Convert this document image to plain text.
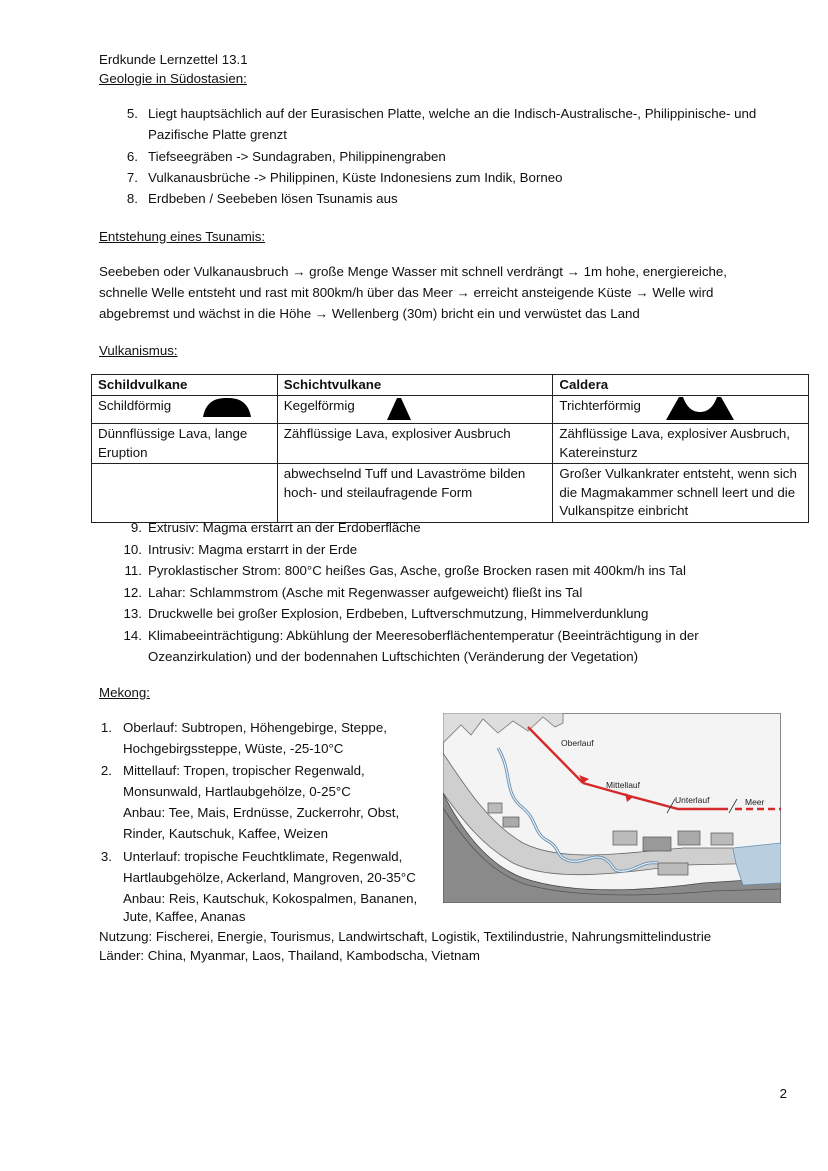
Erdkunde Lernzettel 13.1
Geologie in Südostasien:
5. Liegt hauptsächlich auf der Eurasischen Platte, welche an die Indisch-Australische-, Philippinische- und
Pazifische Platte grenzt
6. Tiefseegräben -> Sundagraben, Philippinengraben
7. Vulkanausbrüche -> Philippinen, Küste Indonesiens zum Indik, Borneo
8. Erdbeben / Seebeben lösen Tsunamis aus
Entstehung eines Tsunamis:
Seebeben oder Vulkanausbruch → große Menge Wasser mit schnell verdrängt → 1m hohe, energiereiche,
schnelle Welle entsteht und rast mit 800km/h über das Meer → erreicht ansteigende Küste → Welle wird
abgebremst und wächst in die Höhe → Wellenberg (30m) bricht ein und verwüstet das Land
Vulkanismus:
Schildvulkane	Schichtvulkane	Caldera
Schildförmig	Kegelförmig	Trichterförmig

Dünnflüssige Lava, lange Eruption	Zähflüssige Lava, explosiver Ausbruch	Zähflüssige Lava, explosiver Ausbruch, Katereinsturz
	abwechselnd Tuff und Lavaströme bilden hoch- und steilaufragende Form	Großer Vulkankrater entsteht, wenn sich die Magmakammer schnell leert und die Vulkanspitze einbricht
9. Extrusiv: Magma erstarrt an der Erdoberfläche
10. Intrusiv: Magma erstarrt in der Erde
11. Pyroklastischer Strom: 800°C heißes Gas, Asche, große Brocken rasen mit 400km/h ins Tal
12. Lahar: Schlammstrom (Asche mit Regenwasser aufgeweicht) fließt ins Tal
13. Druckwelle bei großer Explosion, Erdbeben, Luftverschmutzung, Himmelverdunklung
14. Klimabeeinträchtigung: Abkühlung der Meeresoberflächentemperatur (Beeinträchtigung in der
Ozeanzirkulation) und der bodennahen Luftschichten (Veränderung der Vegetation)
Mekong:
1. Oberlauf: Subtropen, Höhengebirge, Steppe,
Hochgebirgssteppe, Wüste, -25-10°C
2. Mittellauf: Tropen, tropischer Regenwald,
Monsunwald, Hartlaubgehölze, 0-25°C
Anbau: Tee, Mais, Erdnüsse, Zuckerrohr, Obst,
Rinder, Kautschuk, Kaffee, Weizen
3. Unterlauf: tropische Feuchtklimate, Regenwald,
Hartlaubgehölze, Ackerland, Mangroven, 20-35°C
Anbau: Reis, Kautschuk, Kokospalmen, Bananen,
Jute, Kaffee, Ananas
Nutzung: Fischerei, Energie, Tourismus, Landwirtschaft, Logistik, Textilindustrie, Nahrungsmittelindustrie
Länder: China, Myanmar, Laos, Thailand, Kambodscha, Vietnam
Oberlauf
Mittellauf
Unterlauf	Meer
2
